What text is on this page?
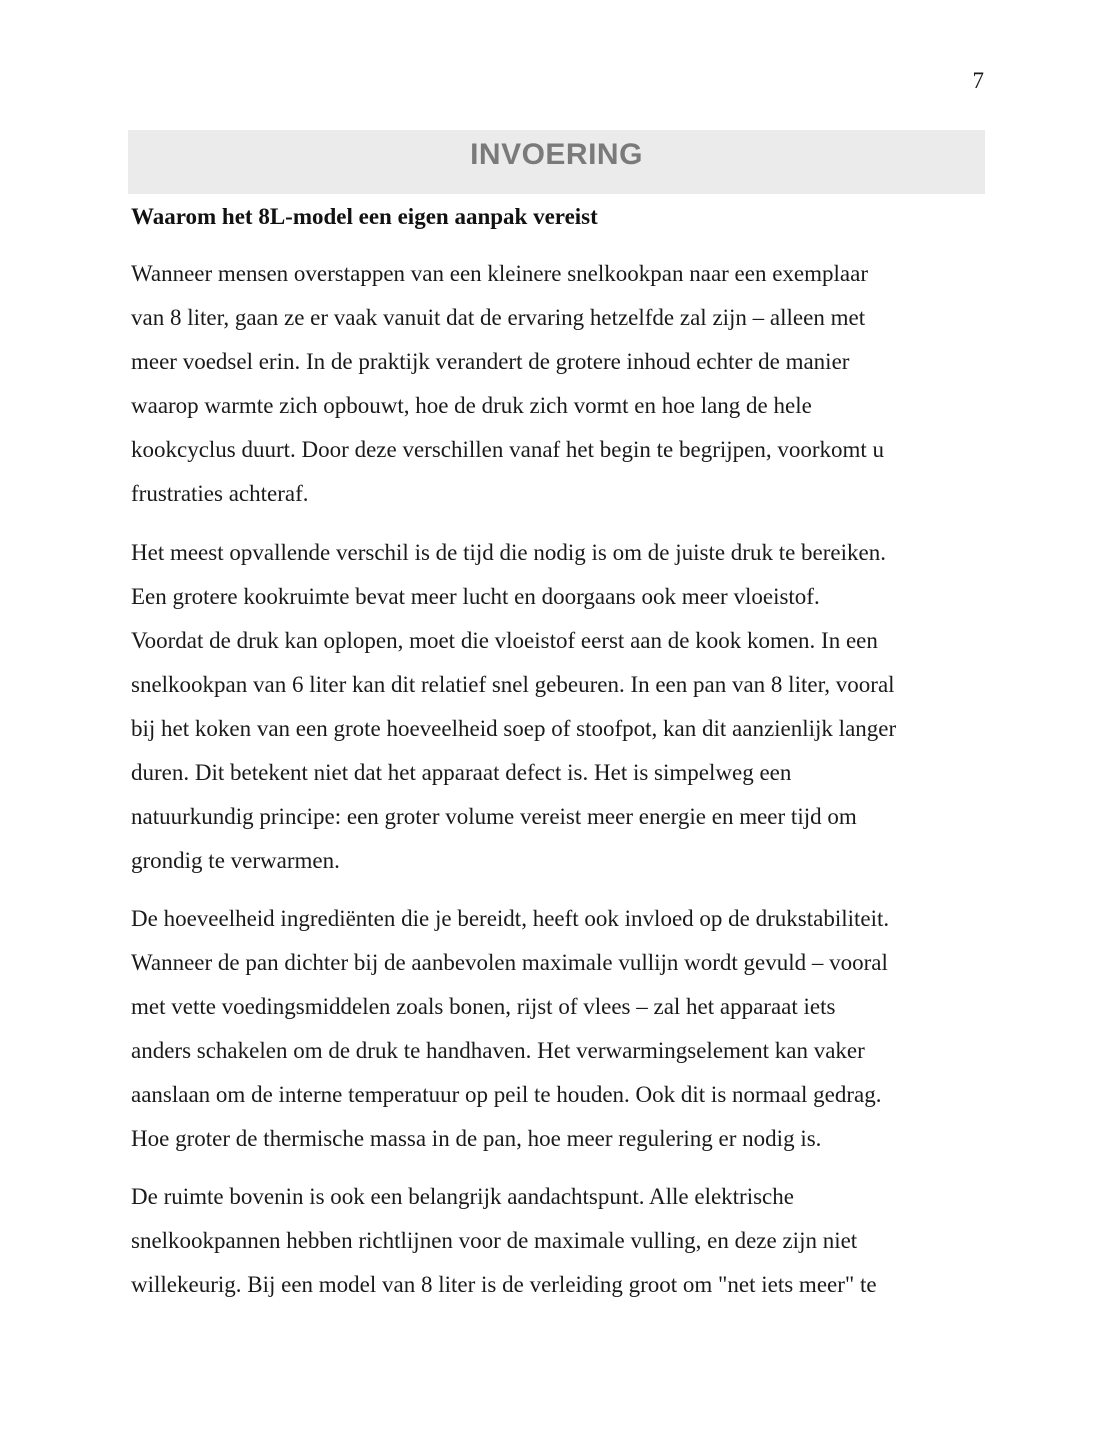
7
INVOERING
Waarom het 8L-model een eigen aanpak vereist

Wanneer mensen overstappen van een kleinere snelkookpan naar een exemplaar
van 8 liter, gaan ze er vaak vanuit dat de ervaring hetzelfde zal zijn – alleen met
meer voedsel erin. In de praktijk verandert de grotere inhoud echter de manier
waarop warmte zich opbouwt, hoe de druk zich vormt en hoe lang de hele
kookcyclus duurt. Door deze verschillen vanaf het begin te begrijpen, voorkomt u
frustraties achteraf.

Het meest opvallende verschil is de tijd die nodig is om de juiste druk te bereiken.
Een grotere kookruimte bevat meer lucht en doorgaans ook meer vloeistof.
Voordat de druk kan oplopen, moet die vloeistof eerst aan de kook komen. In een
snelkookpan van 6 liter kan dit relatief snel gebeuren. In een pan van 8 liter, vooral
bij het koken van een grote hoeveelheid soep of stoofpot, kan dit aanzienlijk langer
duren. Dit betekent niet dat het apparaat defect is. Het is simpelweg een
natuurkundig principe: een groter volume vereist meer energie en meer tijd om
grondig te verwarmen.

De hoeveelheid ingrediënten die je bereidt, heeft ook invloed op de drukstabiliteit.
Wanneer de pan dichter bij de aanbevolen maximale vullijn wordt gevuld – vooral
met vette voedingsmiddelen zoals bonen, rijst of vlees – zal het apparaat iets
anders schakelen om de druk te handhaven. Het verwarmingselement kan vaker
aanslaan om de interne temperatuur op peil te houden. Ook dit is normaal gedrag.
Hoe groter de thermische massa in de pan, hoe meer regulering er nodig is.

De ruimte bovenin is ook een belangrijk aandachtspunt. Alle elektrische
snelkookpannen hebben richtlijnen voor de maximale vulling, en deze zijn niet
willekeurig. Bij een model van 8 liter is de verleiding groot om "net iets meer" te
